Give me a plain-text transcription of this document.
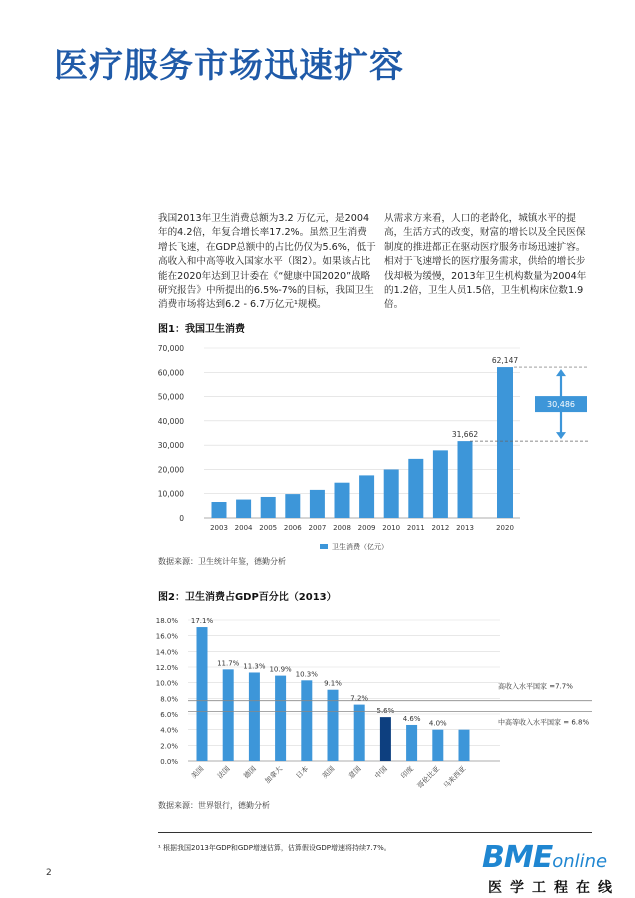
医疗服务市场迅速扩容
我国2013年卫生消费总额为3.2 万亿元，是2004年的4.2倍，年复合增长率17.2%。虽然卫生消费增长飞速，在GDP总额中的占比仍仅为5.6%，低于高收入和中高等收入国家水平（图2）。如果该占比能在2020年达到卫计委在《“健康中国2020”战略研究报告》中所提出的6.5%-7%的目标，我国卫生消费市场将达到6.2 - 6.7万亿元¹规模。
从需求方来看，人口的老龄化，城镇水平的提高，生活方式的改变，财富的增长以及全民医保制度的推进都正在驱动医疗服务市场迅速扩容。相对于飞速增长的医疗服务需求，供给的增长步伐却极为缓慢，2013年卫生机构数量为2004年的1.2倍，卫生人员1.5倍，卫生机构床位数1.9倍。
图1：我国卫生消费
0
10,000
20,000
30,000
40,000
50,000
60,000
70,000
2003 2004 2005 2006 2007 2008 2009 2010 2011 2012 2013
31,662
2020
62,147
30,486
卫生消费（亿元）
数据来源：卫生统计年鉴，德勤分析
图2：卫生消费占GDP百分比（2013）
0.0%
2.0%
4.0%
6.0%
8.0%
10.0%
12.0%
14.0%
16.0%
18.0% 17.1%
美国
11.7%
法国
11.3%
德国
10.9%
加拿大
10.3%
日本
9.1%
英国
7.2%
意国
5.6%
中国
4.6%
印度
4.0%
哥伦比亚 马来西亚
高收入水平国家 =7.7%
中高等收入水平国家 = 6.8%
数据来源：世界银行，德勤分析
¹ 根据我国2013年GDP和GDP增速估算，估算假设GDP增速将持续7.7%。
2	BMEonline
医学工程在线
